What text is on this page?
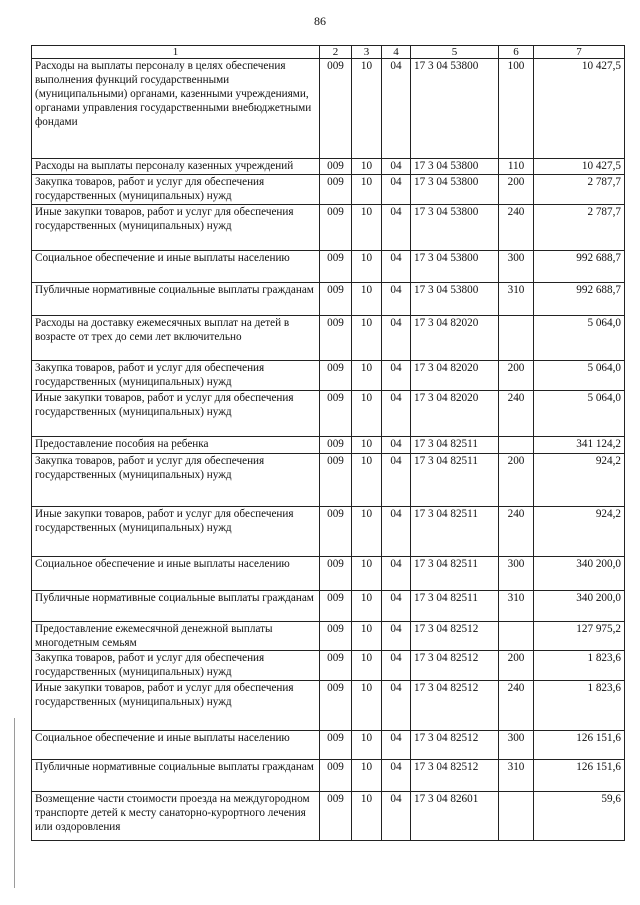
86
1	2	3	4	5	6	7
Расходы на выплаты персоналу в целях обеспечения выполнения функций государственными (муниципальными) органами, казенными учреждениями, органами управления государственными внебюджетными фондами	009	10	04	17 3 04 53800	100	10 427,5
Расходы на выплаты персоналу казенных учреждений	009	10	04	17 3 04 53800	110	10 427,5
Закупка товаров, работ и услуг для обеспечения государственных (муниципальных) нужд	009	10	04	17 3 04 53800	200	2 787,7
Иные закупки товаров, работ и услуг для обеспечения государственных (муниципальных) нужд	009	10	04	17 3 04 53800	240	2 787,7
Социальное обеспечение и иные выплаты населению	009	10	04	17 3 04 53800	300	992 688,7
Публичные нормативные социальные выплаты гражданам	009	10	04	17 3 04 53800	310	992 688,7
Расходы на доставку ежемесячных выплат на детей в возрасте от трех до семи лет включительно	009	10	04	17 3 04 82020		5 064,0
Закупка товаров, работ и услуг для обеспечения государственных (муниципальных) нужд	009	10	04	17 3 04 82020	200	5 064,0
Иные закупки товаров, работ и услуг для обеспечения государственных (муниципальных) нужд	009	10	04	17 3 04 82020	240	5 064,0
Предоставление пособия на ребенка	009	10	04	17 3 04 82511		341 124,2
Закупка товаров, работ и услуг для обеспечения государственных (муниципальных) нужд	009	10	04	17 3 04 82511	200	924,2
Иные закупки товаров, работ и услуг для обеспечения государственных (муниципальных) нужд	009	10	04	17 3 04 82511	240	924,2
Социальное обеспечение и иные выплаты населению	009	10	04	17 3 04 82511	300	340 200,0
Публичные нормативные социальные выплаты гражданам	009	10	04	17 3 04 82511	310	340 200,0
Предоставление ежемесячной денежной выплаты многодетным семьям	009	10	04	17 3 04 82512		127 975,2
Закупка товаров, работ и услуг для обеспечения государственных (муниципальных) нужд	009	10	04	17 3 04 82512	200	1 823,6
Иные закупки товаров, работ и услуг для обеспечения государственных (муниципальных) нужд	009	10	04	17 3 04 82512	240	1 823,6
Социальное обеспечение и иные выплаты населению	009	10	04	17 3 04 82512	300	126 151,6
Публичные нормативные социальные выплаты гражданам	009	10	04	17 3 04 82512	310	126 151,6
Возмещение части стоимости проезда на междугородном транспорте детей к месту санаторно-курортного лечения или оздоровления	009	10	04	17 3 04 82601		59,6
